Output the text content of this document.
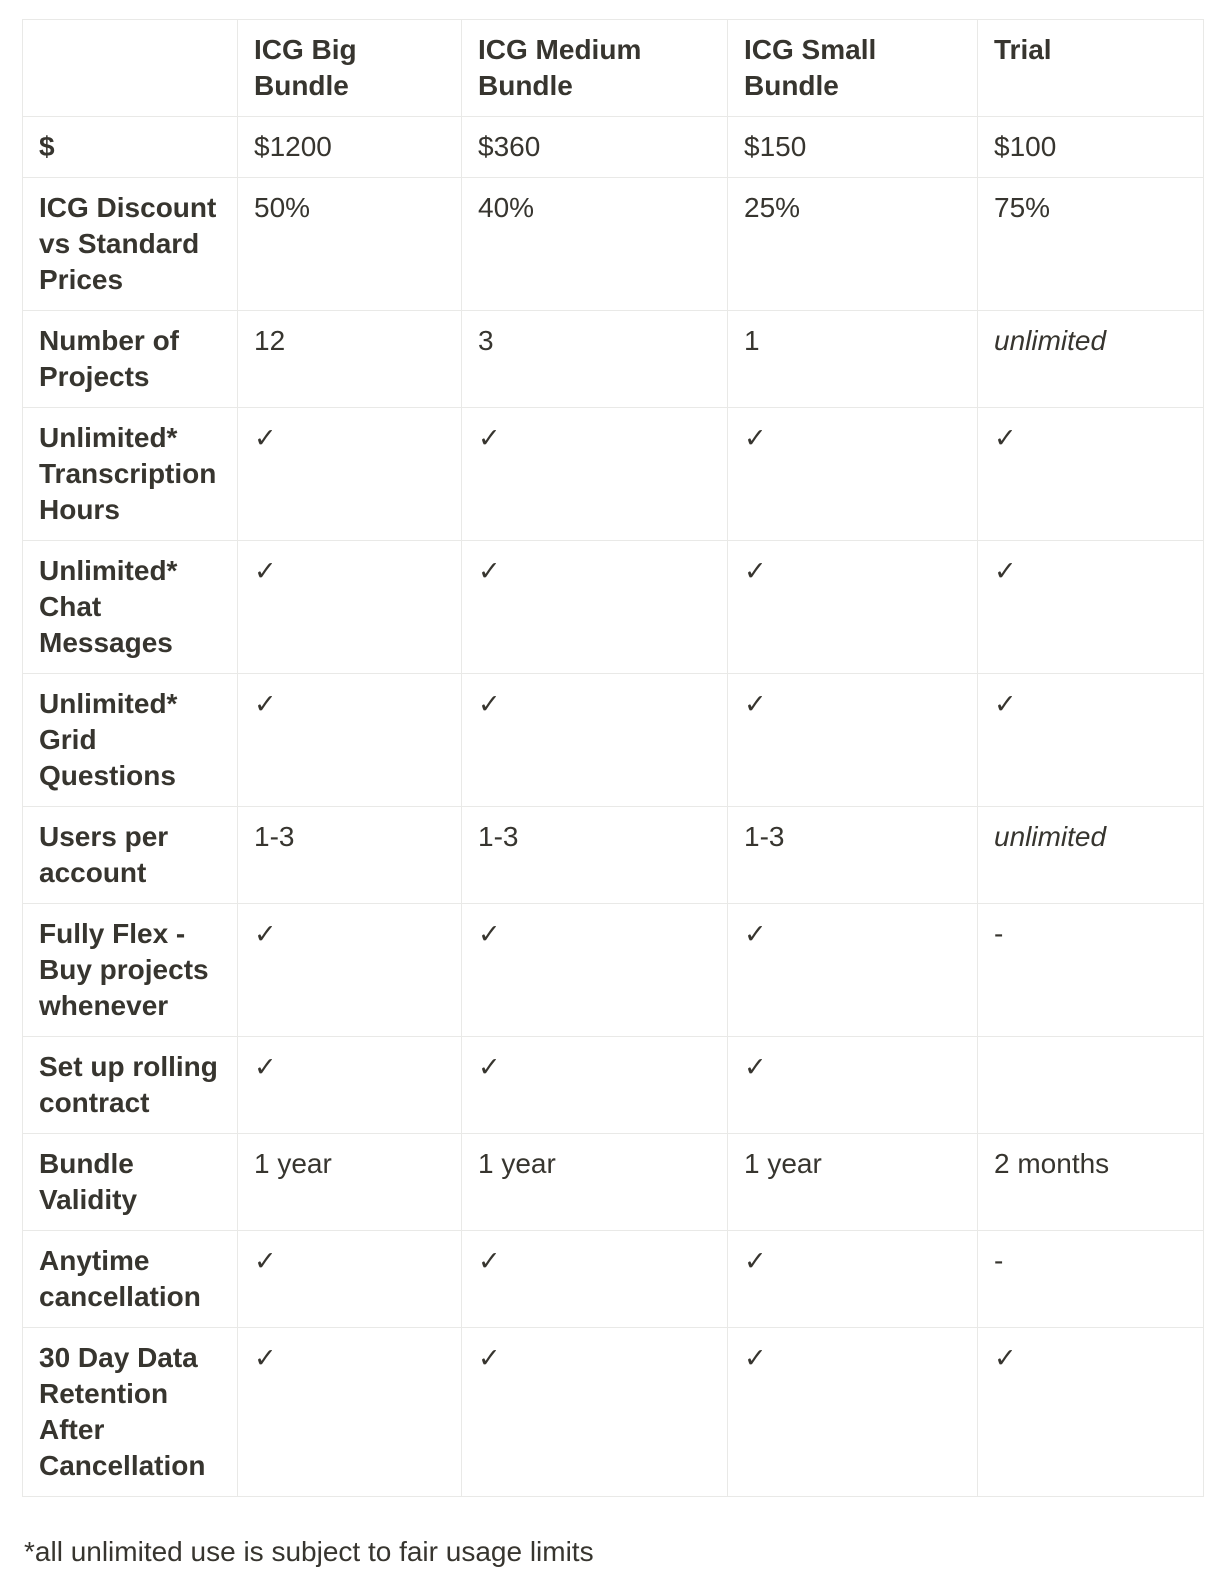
	ICG Big Bundle	ICG Medium Bundle	ICG Small Bundle	Trial
$	$1200	$360	$150	$100
ICG Discount vs Standard Prices	50%	40%	25%	75%
Number of Projects	12	3	1	unlimited
Unlimited* Transcription Hours	✓	✓	✓	✓
Unlimited* Chat Messages	✓	✓	✓	✓
Unlimited* Grid Questions	✓	✓	✓	✓
Users per account	1-3	1-3	1-3	unlimited
Fully Flex - Buy projects whenever	✓	✓	✓	-
Set up rolling contract	✓	✓	✓	
Bundle Validity	1 year	1 year	1 year	2 months
Anytime cancellation	✓	✓	✓	-
30 Day Data Retention After Cancellation	✓	✓	✓	✓

*all unlimited use is subject to fair usage limits
